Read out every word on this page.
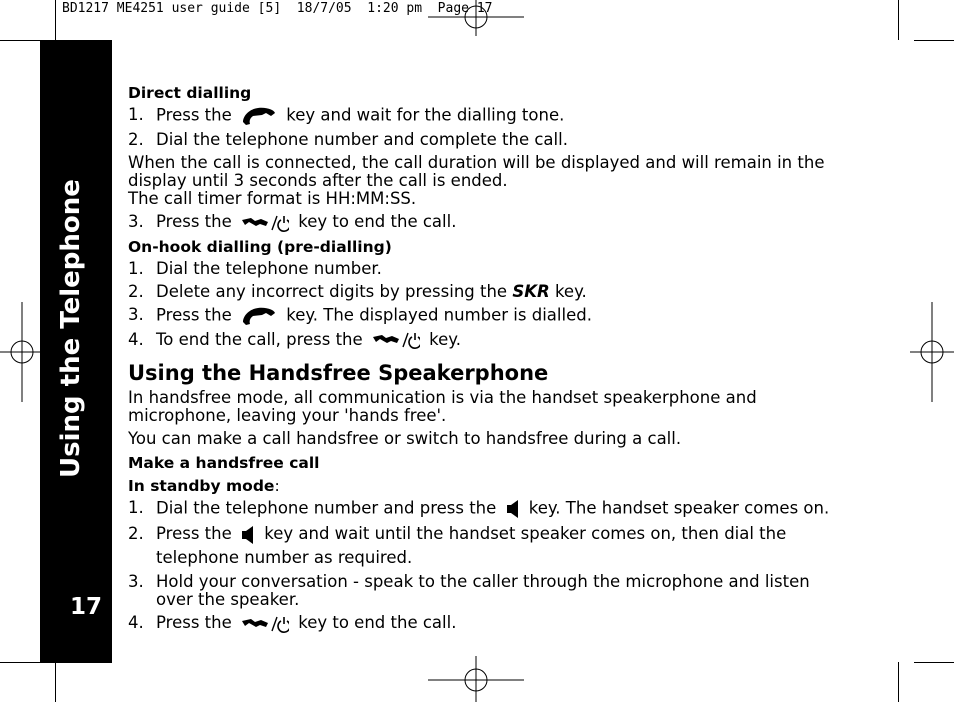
BD1217 ME4251 user guide [5]  18/7/05  1:20 pm  Page 17
Using the Telephone
17
Direct dialling
1. Press the	key and wait for the dialling tone.
2. Dial the telephone number and complete the call.

When the call is connected, the call duration will be displayed and will remain in the
display until 3 seconds after the call is ended.
The call timer format is HH:MM:SS.

3. Press the	key to end the call.
On-hook dialling (pre-dialling)
1. Dial the telephone number.
2. Delete any incorrect digits by pressing the SKR key.
3. Press the	key. The displayed number is dialled.
4. To end the call, press the	key.
Using the Handsfree Speakerphone

In handsfree mode, all communication is via the handset speakerphone and
microphone, leaving your 'hands free'.

You can make a call handsfree or switch to handsfree during a call.

Make a handsfree call
In standby mode:
1. Dial the telephone number and press the key. The handset speaker comes on.
2. Press the key and wait until the handset speaker comes on, then dial the
telephone number as required.
3. Hold your conversation - speak to the caller through the microphone and listen
over the speaker.
4. Press the	key to end the call.
